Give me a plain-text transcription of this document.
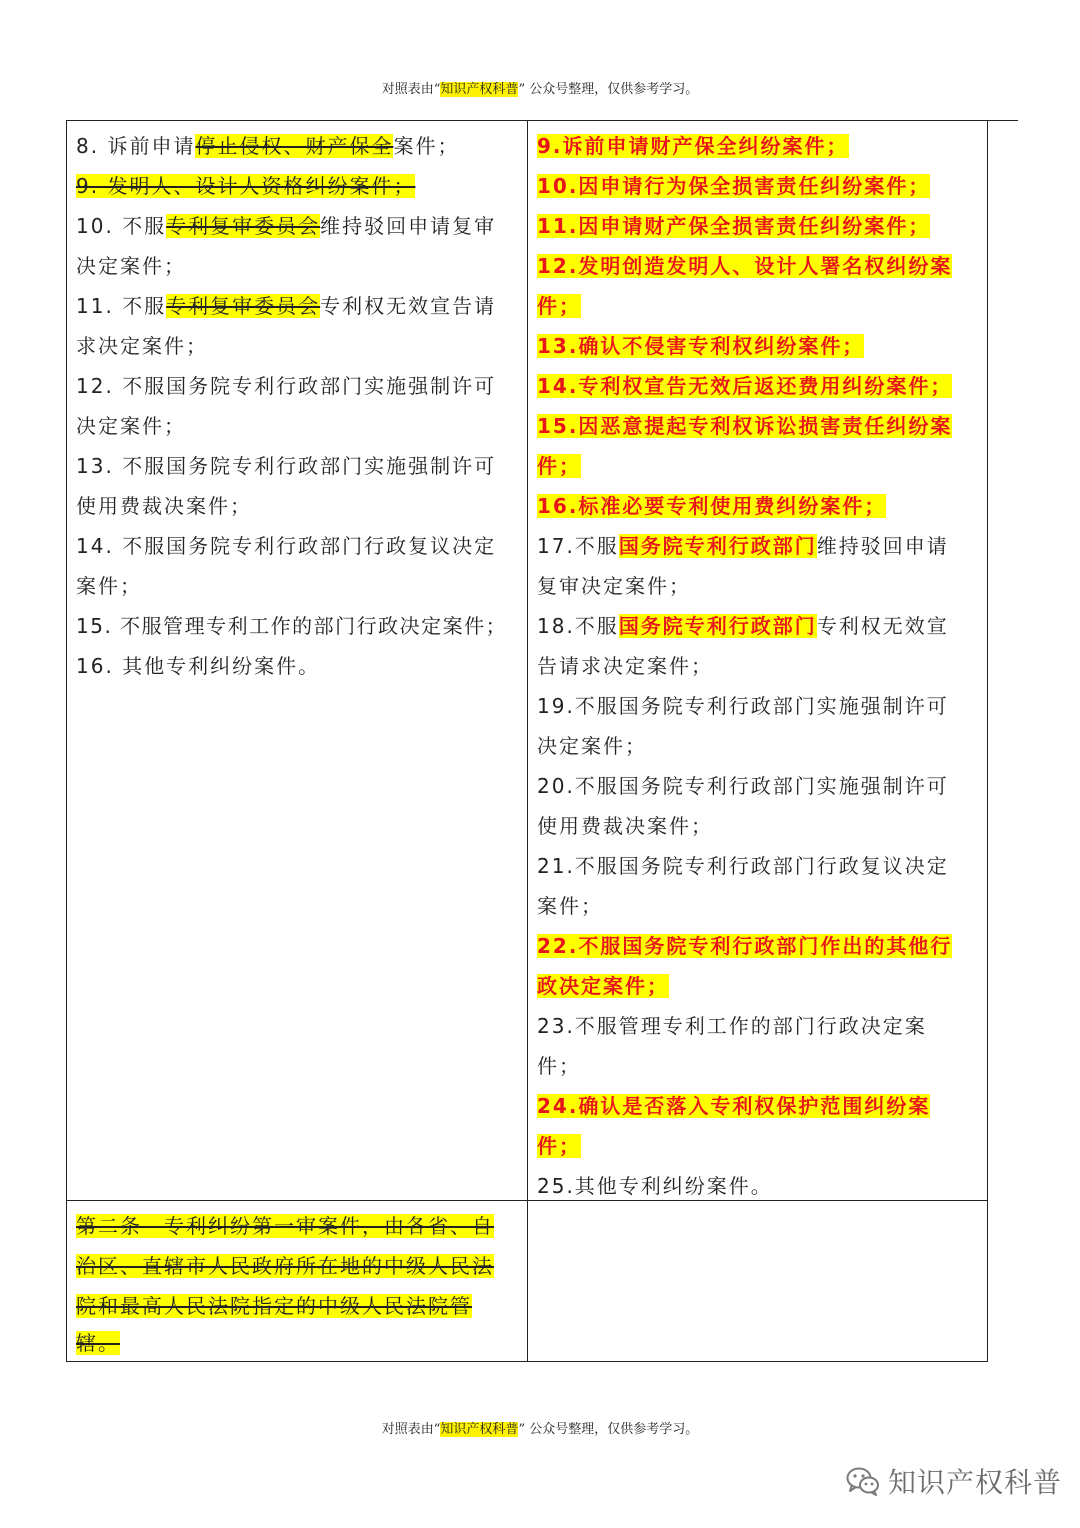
对照表由“知识产权科普” 公众号整理，仅供参考学习。
8. 诉前申请停止侵权、财产保全案件；
9. 发明人、设计人资格纠纷案件；
10. 不服专利复审委员会维持驳回申请复审
决定案件；
11. 不服专利复审委员会专利权无效宣告请
求决定案件；
12. 不服国务院专利行政部门实施强制许可
决定案件；
13. 不服国务院专利行政部门实施强制许可
使用费裁决案件；
14. 不服国务院专利行政部门行政复议决定
案件；
15. 不服管理专利工作的部门行政决定案件；
16. 其他专利纠纷案件。
9.诉前申请财产保全纠纷案件；
10.因申请行为保全损害责任纠纷案件；
11.因申请财产保全损害责任纠纷案件；
12.发明创造发明人、设计人署名权纠纷案
件；
13.确认不侵害专利权纠纷案件；
14.专利权宣告无效后返还费用纠纷案件；
15.因恶意提起专利权诉讼损害责任纠纷案
件；
16.标准必要专利使用费纠纷案件；
17.不服国务院专利行政部门维持驳回申请
复审决定案件；
18.不服国务院专利行政部门专利权无效宣
告请求决定案件；
19.不服国务院专利行政部门实施强制许可
决定案件；
20.不服国务院专利行政部门实施强制许可
使用费裁决案件；
21.不服国务院专利行政部门行政复议决定
案件；
22.不服国务院专利行政部门作出的其他行
政决定案件；
23.不服管理专利工作的部门行政决定案
件；
24.确认是否落入专利权保护范围纠纷案
件；
25.其他专利纠纷案件。
第二条　专利纠纷第一审案件，由各省、自
治区、直辖市人民政府所在地的中级人民法
院和最高人民法院指定的中级人民法院管
辖。
对照表由“知识产权科普” 公众号整理，仅供参考学习。
知识产权科普
